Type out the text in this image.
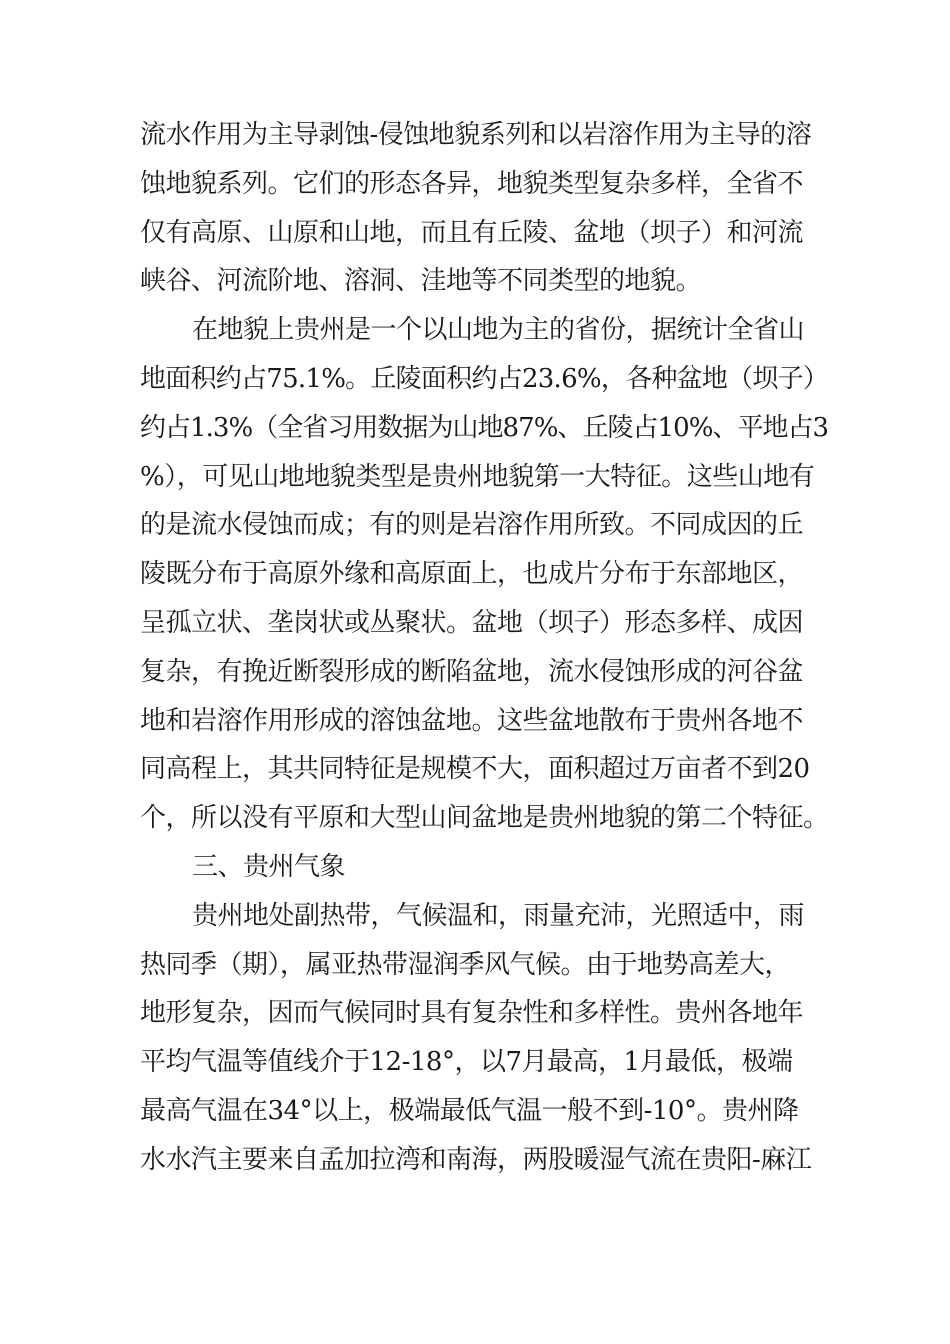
流水作用为主导剥蚀-侵蚀地貌系列和以岩溶作用为主导的溶
蚀地貌系列。它们的形态各异，地貌类型复杂多样，全省不
仅有高原、山原和山地，而且有丘陵、盆地（坝子）和河流
峡谷、河流阶地、溶洞、洼地等不同类型的地貌。
在地貌上贵州是一个以山地为主的省份，据统计全省山
地面积约占75.1%。丘陵面积约占23.6%，各种盆地（坝子）
约占1.3%（全省习用数据为山地87%、丘陵占10%、平地占3
%），可见山地地貌类型是贵州地貌第一大特征。这些山地有
的是流水侵蚀而成；有的则是岩溶作用所致。不同成因的丘
陵既分布于高原外缘和高原面上，也成片分布于东部地区，
呈孤立状、垄岗状或丛聚状。盆地（坝子）形态多样、成因
复杂，有挽近断裂形成的断陷盆地，流水侵蚀形成的河谷盆
地和岩溶作用形成的溶蚀盆地。这些盆地散布于贵州各地不
同高程上，其共同特征是规模不大，面积超过万亩者不到20
个，所以没有平原和大型山间盆地是贵州地貌的第二个特征。
三、贵州气象
贵州地处副热带，气候温和，雨量充沛，光照适中，雨
热同季（期），属亚热带湿润季风气候。由于地势高差大，
地形复杂，因而气候同时具有复杂性和多样性。贵州各地年
平均气温等值线介于12-18°，以7月最高，1月最低，极端
最高气温在34°以上，极端最低气温一般不到-10°。贵州降
水水汽主要来自孟加拉湾和南海，两股暖湿气流在贵阳-麻江
